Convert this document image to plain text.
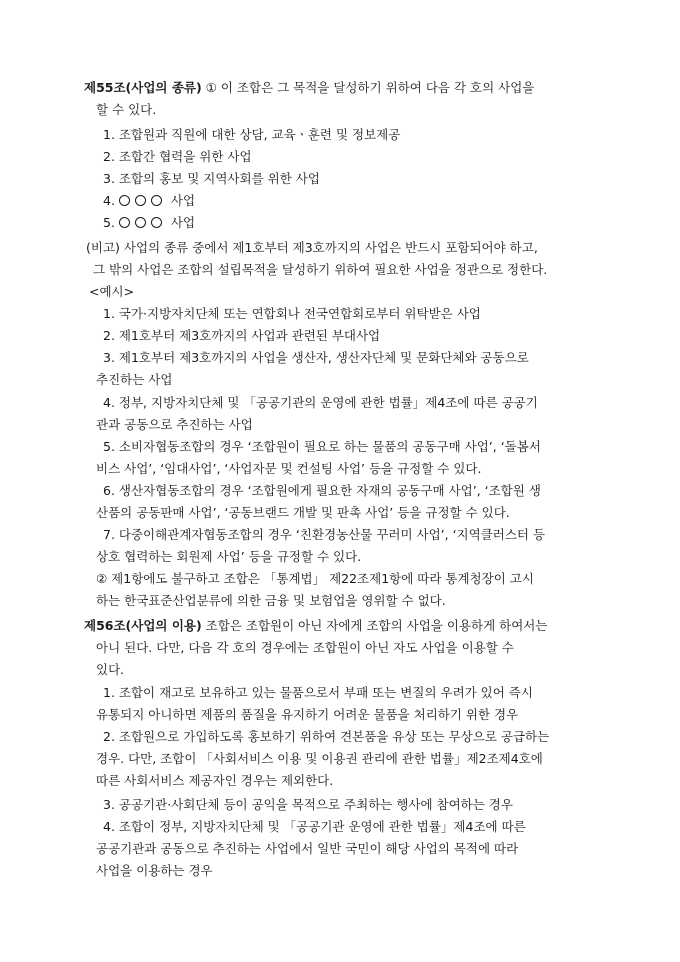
제55조(사업의 종류) ① 이 조합은 그 목적을 달성하기 위하여 다음 각 호의 사업을
할 수 있다.
1. 조합원과 직원에 대한 상담, 교육ㆍ훈련 및 정보제공
2. 조합간 협력을 위한 사업
3. 조합의 홍보 및 지역사회를 위한 사업
4.	사업
5.	사업
(비고) 사업의 종류 중에서 제1호부터 제3호까지의 사업은 반드시 포함되어야 하고,
그 밖의 사업은 조합의 설립목적을 달성하기 위하여 필요한 사업을 정관으로 정한다.
<예시>
1. 국가·지방자치단체 또는 연합회나 전국연합회로부터 위탁받은 사업
2. 제1호부터 제3호까지의 사업과 관련된 부대사업
3. 제1호부터 제3호까지의 사업을 생산자, 생산자단체 및 문화단체와 공동으로
추진하는 사업
4. 정부, 지방자치단체 및 「공공기관의 운영에 관한 법률」제4조에 따른 공공기
관과 공동으로 추진하는 사업
5. 소비자협동조합의 경우 ‘조합원이 필요로 하는 물품의 공동구매 사업’, ‘돌봄서
비스 사업’, ‘임대사업’, ‘사업자문 및 컨설팅 사업’ 등을 규정할 수 있다.
6. 생산자협동조합의 경우 ‘조합원에게 필요한 자재의 공동구매 사업’, ‘조합원 생
산품의 공동판매 사업’, ‘공동브랜드 개발 및 판촉 사업’ 등을 규정할 수 있다.
7. 다중이해관계자협동조합의 경우 ‘친환경농산물 꾸러미 사업’, ‘지역클러스터 등
상호 협력하는 회원제 사업’ 등을 규정할 수 있다.
② 제1항에도 불구하고 조합은 「통계법」 제22조제1항에 따라 통계청장이 고시
하는 한국표준산업분류에 의한 금융 및 보험업을 영위할 수 없다.
제56조(사업의 이용) 조합은 조합원이 아닌 자에게 조합의 사업을 이용하게 하여서는
아니 된다. 다만, 다음 각 호의 경우에는 조합원이 아닌 자도 사업을 이용할 수
있다.
1. 조합이 재고로 보유하고 있는 물품으로서 부패 또는 변질의 우려가 있어 즉시
유통되지 아니하면 제품의 품질을 유지하기 어려운 물품을 처리하기 위한 경우
2. 조합원으로 가입하도록 홍보하기 위하여 견본품을 유상 또는 무상으로 공급하는
경우. 다만, 조합이 「사회서비스 이용 및 이용권 관리에 관한 법률」제2조제4호에
따른 사회서비스 제공자인 경우는 제외한다.
3. 공공기관·사회단체 등이 공익을 목적으로 주최하는 행사에 참여하는 경우
4. 조합이 정부, 지방자치단체 및 「공공기관 운영에 관한 법률」제4조에 따른
공공기관과 공동으로 추진하는 사업에서 일반 국민이 해당 사업의 목적에 따라
사업을 이용하는 경우
